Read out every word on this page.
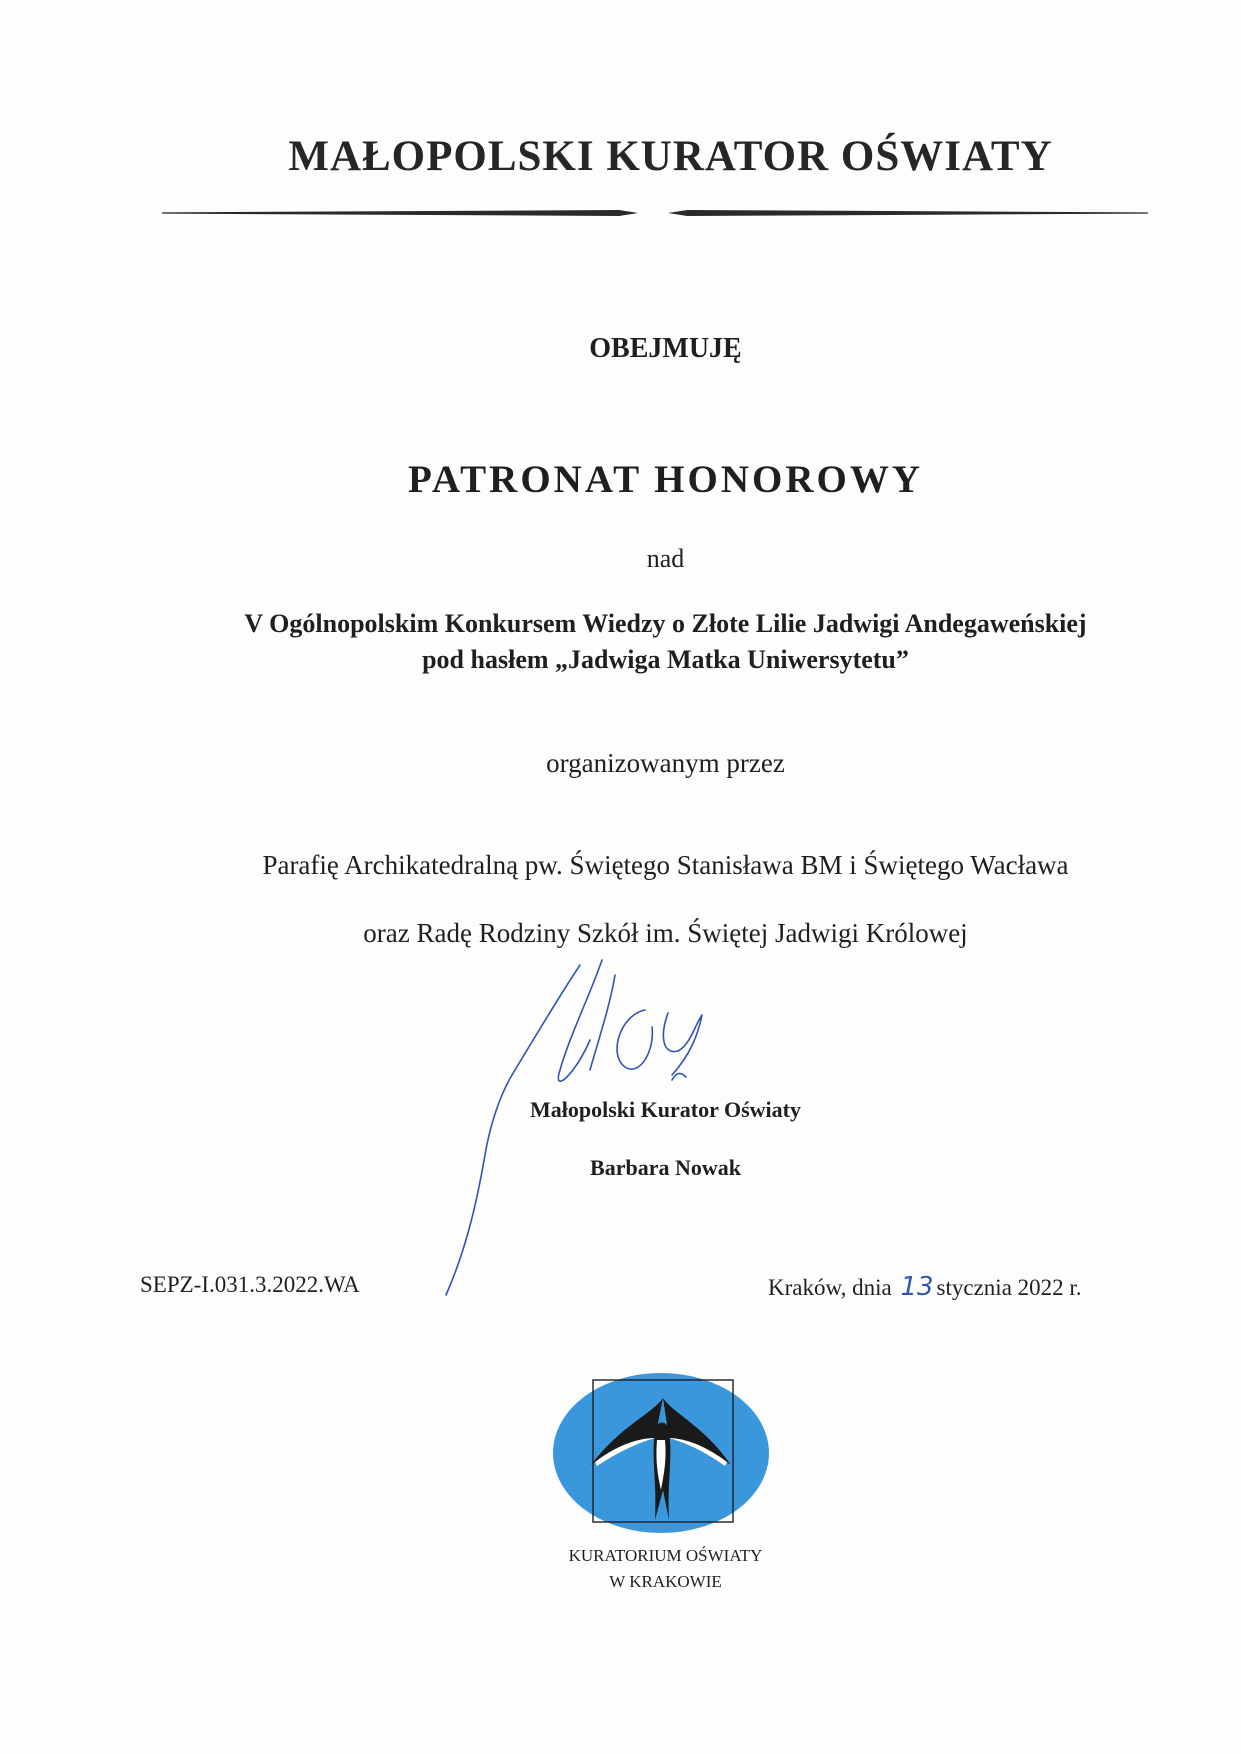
MAŁOPOLSKI KURATOR OŚWIATY
OBEJMUJĘ
PATRONAT HONOROWY
nad
V Ogólnopolskim Konkursem Wiedzy o Złote Lilie Jadwigi Andegaweńskiej
pod hasłem „Jadwiga Matka Uniwersytetu”
organizowanym przez
Parafię Archikatedralną pw. Świętego Stanisława BM i Świętego Wacława
oraz Radę Rodziny Szkół im. Świętej Jadwigi Królowej
Małopolski Kurator Oświaty
Barbara Nowak
SEPZ-I.031.3.2022.WA	Kraków, dnia 13 stycznia 2022 r.
KURATORIUM OŚWIATY
W KRAKOWIE
